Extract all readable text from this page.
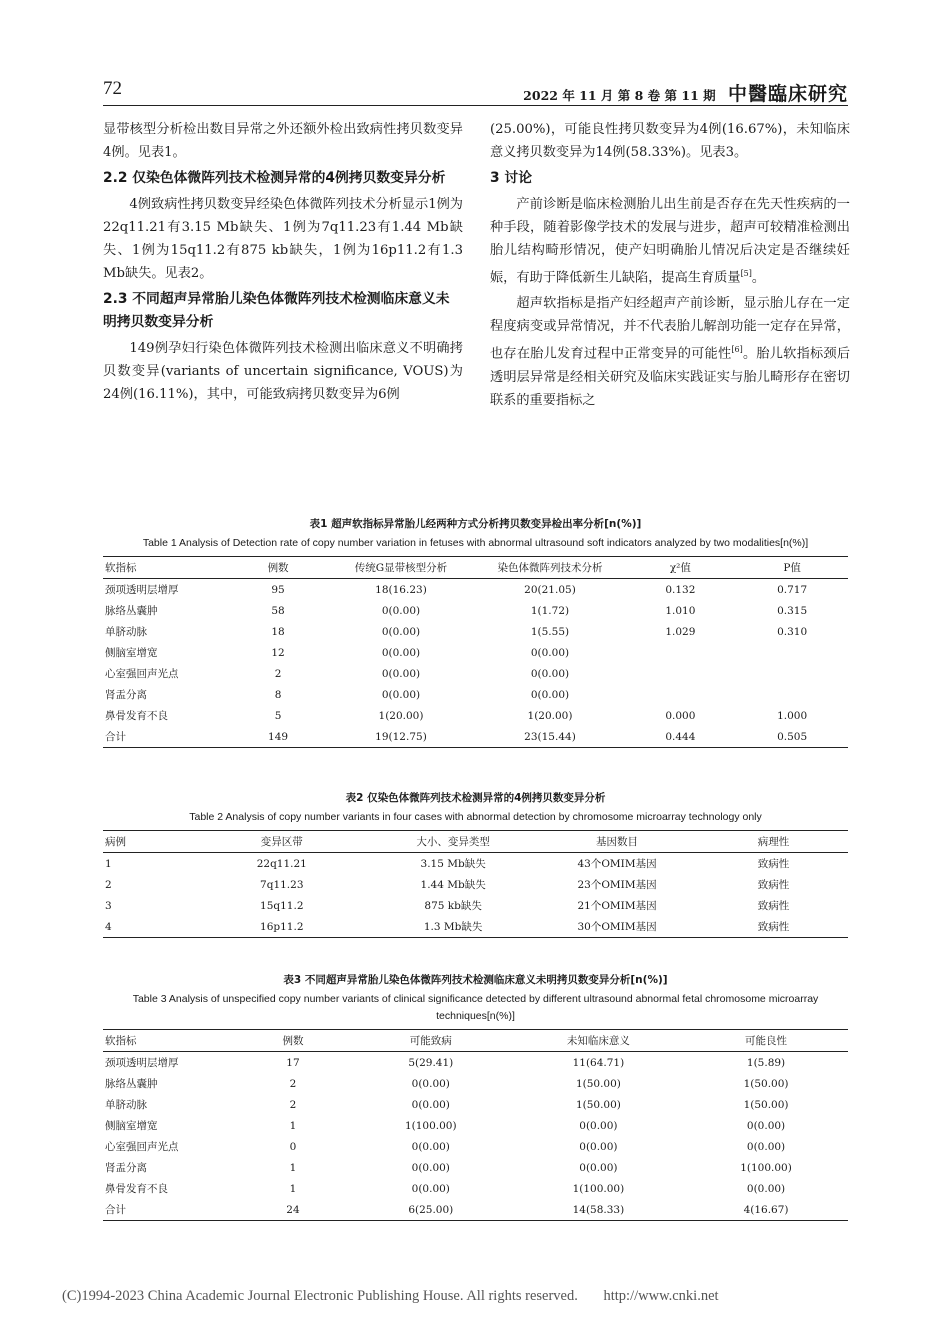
72	2022 年 11 月 第 8 卷 第 11 期 中醫臨床研究

显带核型分析检出数目异常之外还额外检出致病性拷贝数变异4例。见表1。

2.2 仅染色体微阵列技术检测异常的4例拷贝数变异分析

4例致病性拷贝数变异经染色体微阵列技术分析显示1例为22q11.21有3.15 Mb缺失、1例为7q11.23有1.44 Mb缺失、1例为15q11.2有875 kb缺失，1例为16p11.2有1.3 Mb缺失。见表2。

2.3 不同超声异常胎儿染色体微阵列技术检测临床意义未明拷贝数变异分析

149例孕妇行染色体微阵列技术检测出临床意义不明确拷贝数变异(variants of uncertain significance, VOUS)为24例(16.11%)，其中，可能致病拷贝数变异为6例

(25.00%)，可能良性拷贝数变异为4例(16.67%)，未知临床意义拷贝数变异为14例(58.33%)。见表3。

3 讨论

产前诊断是临床检测胎儿出生前是否存在先天性疾病的一种手段，随着影像学技术的发展与进步，超声可较精准检测出胎儿结构畸形情况，使产妇明确胎儿情况后决定是否继续妊娠，有助于降低新生儿缺陷，提高生育质量[5]。

超声软指标是指产妇经超声产前诊断，显示胎儿存在一定程度病变或异常情况，并不代表胎儿解剖功能一定存在异常，也存在胎儿发育过程中正常变异的可能性[6]。胎儿软指标颈后透明层异常是经相关研究及临床实践证实与胎儿畸形存在密切联系的重要指标之

表1 超声软指标异常胎儿经两种方式分析拷贝数变异检出率分析[n(%)]
Table 1 Analysis of Detection rate of copy number variation in fetuses with abnormal ultrasound soft indicators analyzed by two modalities[n(%)]
软指标	例数	传统G显带核型分析	染色体微阵列技术分析	χ²值	P值
颈项透明层增厚	95	18(16.23)	20(21.05)	0.132	0.717
脉络丛囊肿	58	0(0.00)	1(1.72)	1.010	0.315
单脐动脉	18	0(0.00)	1(5.55)	1.029	0.310
侧脑室增宽	12	0(0.00)	0(0.00)		
心室强回声光点	2	0(0.00)	0(0.00)		
肾盂分离	8	0(0.00)	0(0.00)		
鼻骨发育不良	5	1(20.00)	1(20.00)	0.000	1.000
合计	149	19(12.75)	23(15.44)	0.444	0.505
表2 仅染色体微阵列技术检测异常的4例拷贝数变异分析
Table 2 Analysis of copy number variants in four cases with abnormal detection by chromosome microarray technology only
病例	变异区带	大小、变异类型	基因数目	病理性
1	22q11.21	3.15 Mb缺失	43个OMIM基因	致病性
2	7q11.23	1.44 Mb缺失	23个OMIM基因	致病性
3	15q11.2	875 kb缺失	21个OMIM基因	致病性
4	16p11.2	1.3 Mb缺失	30个OMIM基因	致病性
表3 不同超声异常胎儿染色体微阵列技术检测临床意义未明拷贝数变异分析[n(%)]
Table 3 Analysis of unspecified copy number variants of clinical significance detected by different ultrasound abnormal fetal chromosome microarray techniques[n(%)]
软指标	例数	可能致病	未知临床意义	可能良性
颈项透明层增厚	17	5(29.41)	11(64.71)	1(5.89)
脉络丛囊肿	2	0(0.00)	1(50.00)	1(50.00)
单脐动脉	2	0(0.00)	1(50.00)	1(50.00)
侧脑室增宽	1	1(100.00)	0(0.00)	0(0.00)
心室强回声光点	0	0(0.00)	0(0.00)	0(0.00)
肾盂分离	1	0(0.00)	0(0.00)	1(100.00)
鼻骨发育不良	1	0(0.00)	1(100.00)	0(0.00)
合计	24	6(25.00)	14(58.33)	4(16.67)
(C)1994-2023 China Academic Journal Electronic Publishing House. All rights reserved. http://www.cnki.net
